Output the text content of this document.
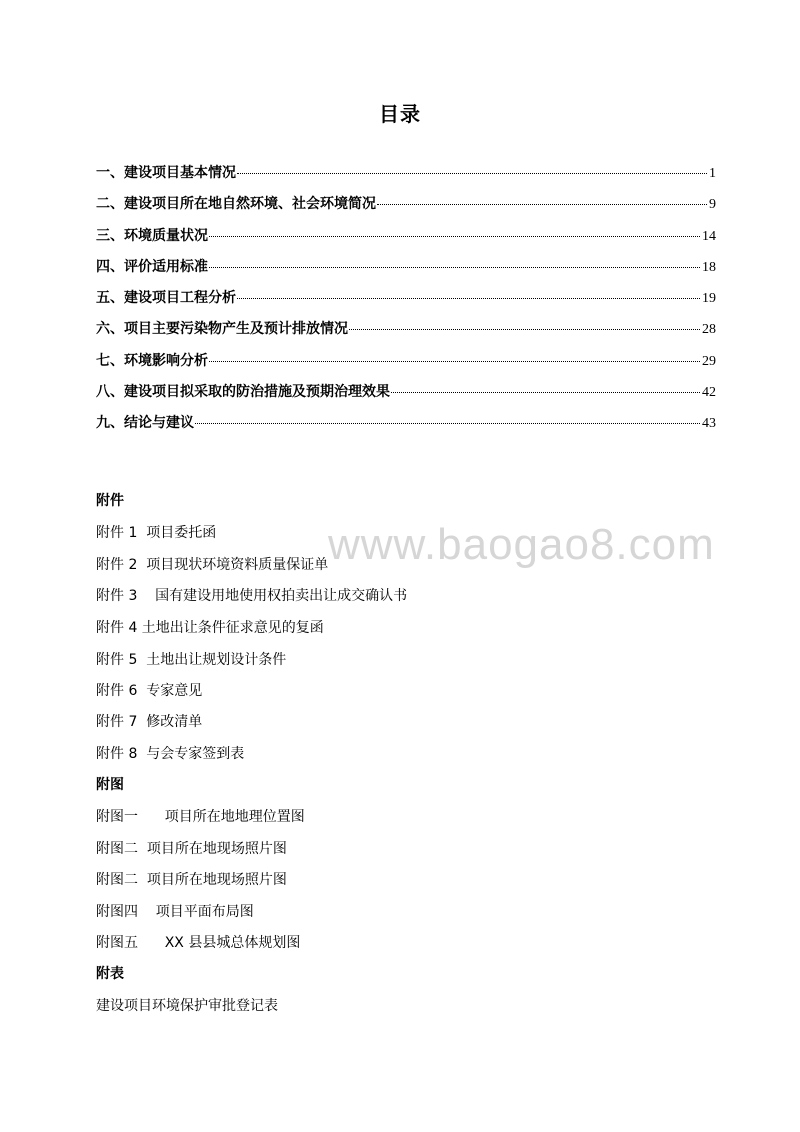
目录
一、建设项目基本情况	1
二、建设项目所在地自然环境、社会环境简况	9
三、环境质量状况	14
四、评价适用标准	18
五、建设项目工程分析	19
六、项目主要污染物产生及预计排放情况	28
七、环境影响分析	29
八、建设项目拟采取的防治措施及预期治理效果	42
九、结论与建议	43
www.baogao8.com
附件
附件 1  项目委托函
附件 2  项目现状环境资料质量保证单
附件 3    国有建设用地使用权拍卖出让成交确认书
附件 4 土地出让条件征求意见的复函
附件 5  土地出让规划设计条件
附件 6  专家意见
附件 7  修改清单
附件 8  与会专家签到表
附图
附图一      项目所在地地理位置图
附图二  项目所在地现场照片图
附图二  项目所在地现场照片图
附图四    项目平面布局图
附图五      XX 县县城总体规划图
附表
建设项目环境保护审批登记表
